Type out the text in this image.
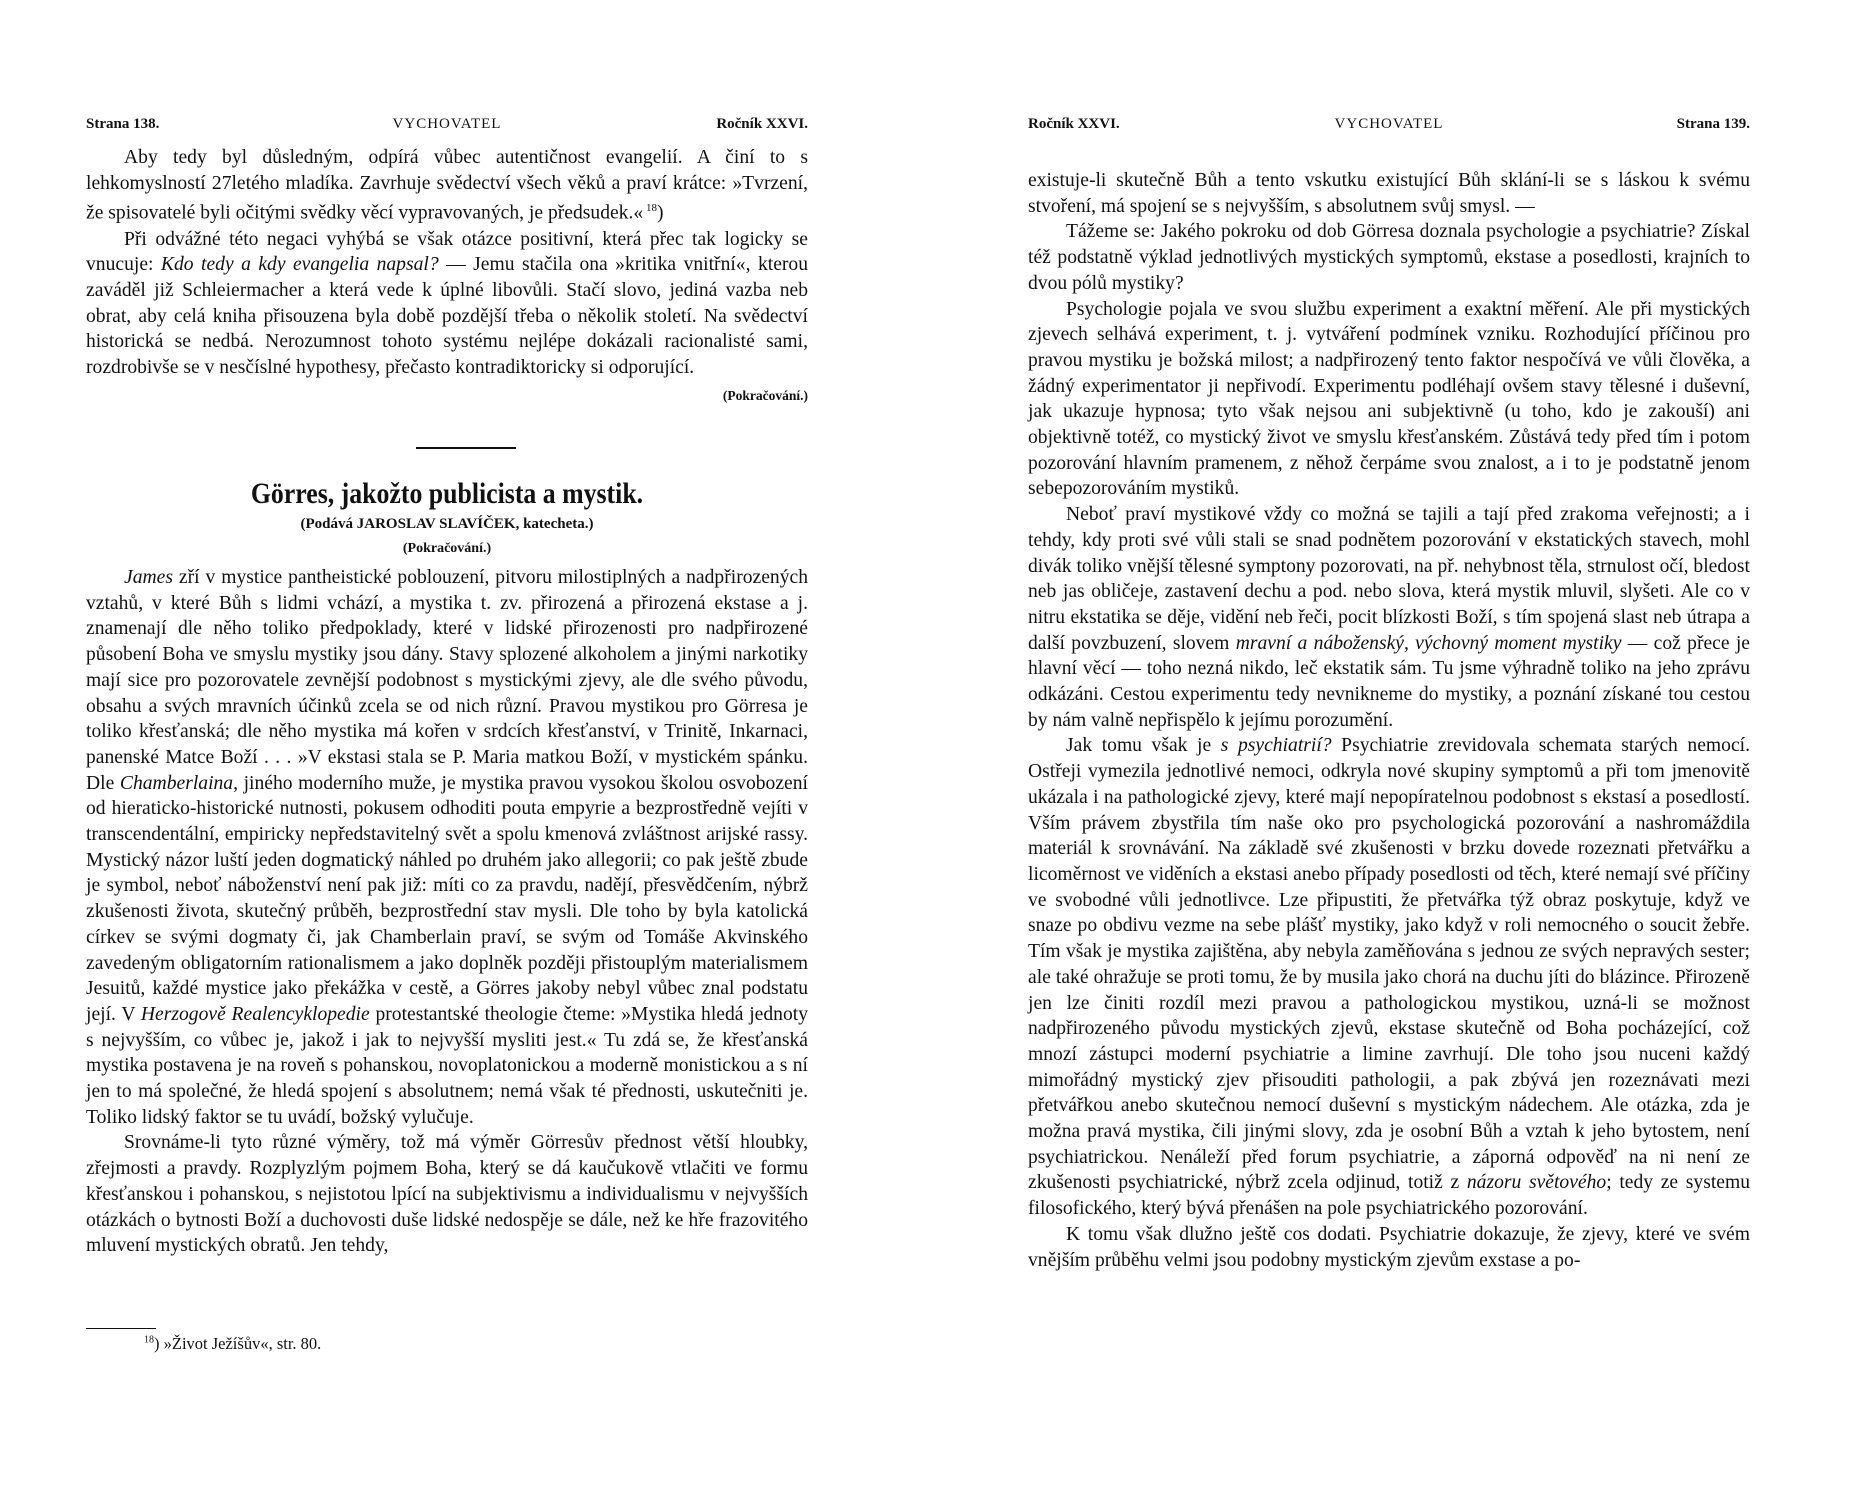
Strana 138.	VYCHOVATEL	Ročník XXVI.

Aby tedy byl důsledným, odpírá vůbec autentičnost evangelií. A činí to s lehkomyslností 27letého mladíka. Zavrhuje svědectví všech věků a praví krátce: »Tvrzení, že spisovatelé byli očitými svědky věcí vypravovaných, je předsudek.« $^{18}$)

Při odvážné této negaci vyhýbá se však otázce positivní, která přec tak logicky se vnucuje: Kdo tedy a kdy evangelia napsal? — Jemu stačila ona »kritika vnitřní«, kterou zaváděl již Schleiermacher a která vede k úplné libovůli. Stačí slovo, jediná vazba neb obrat, aby celá kniha přisouzena byla době pozdější třeba o několik století. Na svědectví historická se nedbá. Nerozumnost tohoto systému nejlépe dokázali racionalisté sami, rozdrobivše se v nesčíslné hypothesy, přečasto kontradiktoricky si odporující.
(Pokračování.)

Görres, jakožto publicista a mystik.
(Podává JAROSLAV SLAVÍČEK, katecheta.)
(Pokračování.)

James zří v mystice pantheistické poblouzení, pitvoru milostiplných a nadpřirozených vztahů, v které Bůh s lidmi vchází, a mystika t. zv. přirozená a přirozená ekstase a j. znamenají dle něho toliko předpoklady, které v lidské přirozenosti pro nadpřirozené působení Boha ve smyslu mystiky jsou dány. Stavy splozené alkoholem a jinými narkotiky mají sice pro pozorovatele zevnější podobnost s mystickými zjevy, ale dle svého původu, obsahu a svých mravních účinků zcela se od nich různí. Pravou mystikou pro Görresa je toliko křesťanská; dle něho mystika má kořen v srdcích křesťanství, v Trinitě, Inkarnaci, panenské Matce Boží . . . »V ekstasi stala se P. Maria matkou Boží, v mystickém spánku. Dle Chamberlaina, jiného moderního muže, je mystika pravou vysokou školou osvobození od hieraticko-historické nutnosti, pokusem odhoditi pouta empyrie a bezprostředně vejíti v transcendentální, empiricky nepředstavitelný svět a spolu kmenová zvláštnost arijské rassy. Mystický názor luští jeden dogmatický náhled po druhém jako allegorii; co pak ještě zbude je symbol, neboť náboženství není pak již: míti co za pravdu, nadějí, přesvědčením, nýbrž zkušenosti života, skutečný průběh, bezprostřední stav mysli. Dle toho by byla katolická církev se svými dogmaty či, jak Chamberlain praví, se svým od Tomáše Akvinského zavedeným obligatorním rationalismem a jako doplněk později přistouplým materialismem Jesuitů, každé mystice jako překážka v cestě, a Görres jakoby nebyl vůbec znal podstatu její. V Herzogově Realencyklopedie protestantské theologie čteme: »Mystika hledá jednoty s nejvyšším, co vůbec je, jakož i jak to nejvyšší mysliti jest.« Tu zdá se, že křesťanská mystika postavena je na roveň s pohanskou, novoplatonickou a moderně monistickou a s ní jen to má společné, že hledá spojení s absolutnem; nemá však té přednosti, uskutečniti je. Toliko lidský faktor se tu uvádí, božský vylučuje.

Srovnáme-li tyto různé výměry, tož má výměr Görresův přednost větší hloubky, zřejmosti a pravdy. Rozplyzlým pojmem Boha, který se dá kaučukově vtlačiti ve formu křesťanskou i pohanskou, s nejistotou lpící na subjektivismu a individualismu v nejvyšších otázkách o bytnosti Boží a duchovosti duše lidské nedospěje se dále, než ke hře frazovitého mluvení mystických obratů. Jen tehdy,

$^{18}$) »Život Ježíšův«, str. 80.
Ročník XXVI.	VYCHOVATEL	Strana 139.

existuje-li skutečně Bůh a tento vskutku existující Bůh sklání-li se s láskou k svému stvoření, má spojení se s nejvyšším, s absolutnem svůj smysl. —

Tážeme se: Jakého pokroku od dob Görresa doznala psychologie a psychiatrie? Získal též podstatně výklad jednotlivých mystických symptomů, ekstase a posedlosti, krajních to dvou pólů mystiky?

Psychologie pojala ve svou službu experiment a exaktní měření. Ale při mystických zjevech selhává experiment, t. j. vytváření podmínek vzniku. Rozhodující příčinou pro pravou mystiku je božská milost; a nadpřirozený tento faktor nespočívá ve vůli člověka, a žádný experimentator ji nepřivodí. Experimentu podléhají ovšem stavy tělesné i duševní, jak ukazuje hypnosa; tyto však nejsou ani subjektivně (u toho, kdo je zakouší) ani objektivně totéž, co mystický život ve smyslu křesťanském. Zůstává tedy před tím i potom pozorování hlavním pramenem, z něhož čerpáme svou znalost, a i to je podstatně jenom sebepozorováním mystiků.

Neboť praví mystikové vždy co možná se tajili a tají před zrakoma veřejnosti; a i tehdy, kdy proti své vůli stali se snad podnětem pozorování v ekstatických stavech, mohl divák toliko vnější tělesné symptony pozorovati, na př. nehybnost těla, strnulost očí, bledost neb jas obličeje, zastavení dechu a pod. nebo slova, která mystik mluvil, slyšeti. Ale co v nitru ekstatika se děje, vidění neb řeči, pocit blízkosti Boží, s tím spojená slast neb útrapa a další povzbuzení, slovem mravní a náboženský, výchovný moment mystiky — což přece je hlavní věcí — toho nezná nikdo, leč ekstatik sám. Tu jsme výhradně toliko na jeho zprávu odkázáni. Cestou experimentu tedy nevnikneme do mystiky, a poznání získané tou cestou by nám valně nepřispělo k jejímu porozumění.

Jak tomu však je s psychiatrií? Psychiatrie zrevidovala schemata starých nemocí. Ostřeji vymezila jednotlivé nemoci, odkryla nové skupiny symptomů a při tom jmenovitě ukázala i na pathologické zjevy, které mají nepopíratelnou podobnost s ekstasí a posedlostí. Vším právem zbystřila tím naše oko pro psychologická pozorování a nashromáždila materiál k srovnávání. Na základě své zkušenosti v brzku dovede rozeznati přetvářku a licoměrnost ve viděních a ekstasi anebo případy posedlosti od těch, které nemají své příčiny ve svobodné vůli jednotlivce. Lze připustiti, že přetvářka týž obraz poskytuje, když ve snaze po obdivu vezme na sebe plášť mystiky, jako když v roli nemocného o soucit žebře. Tím však je mystika zajištěna, aby nebyla zaměňována s jednou ze svých nepravých sester; ale také ohražuje se proti tomu, že by musila jako chorá na duchu jíti do blázince. Přirozeně jen lze činiti rozdíl mezi pravou a pathologickou mystikou, uzná-li se možnost nadpřirozeného původu mystických zjevů, ekstase skutečně od Boha pocházející, což mnozí zástupci moderní psychiatrie a limine zavrhují. Dle toho jsou nuceni každý mimořádný mystický zjev přisouditi pathologii, a pak zbývá jen rozeznávati mezi přetvářkou anebo skutečnou nemocí duševní s mystickým nádechem. Ale otázka, zda je možna pravá mystika, čili jinými slovy, zda je osobní Bůh a vztah k jeho bytostem, není psychiatrickou. Nenáleží před forum psychiatrie, a záporná odpověď na ni není ze zkušenosti psychiatrické, nýbrž zcela odjinud, totiž z názoru světového; tedy ze systemu filosofického, který bývá přenášen na pole psychiatrického pozorování.

K tomu však dlužno ještě cos dodati. Psychiatrie dokazuje, že zjevy, které ve svém vnějším průběhu velmi jsou podobny mystickým zjevům exstase a po-
